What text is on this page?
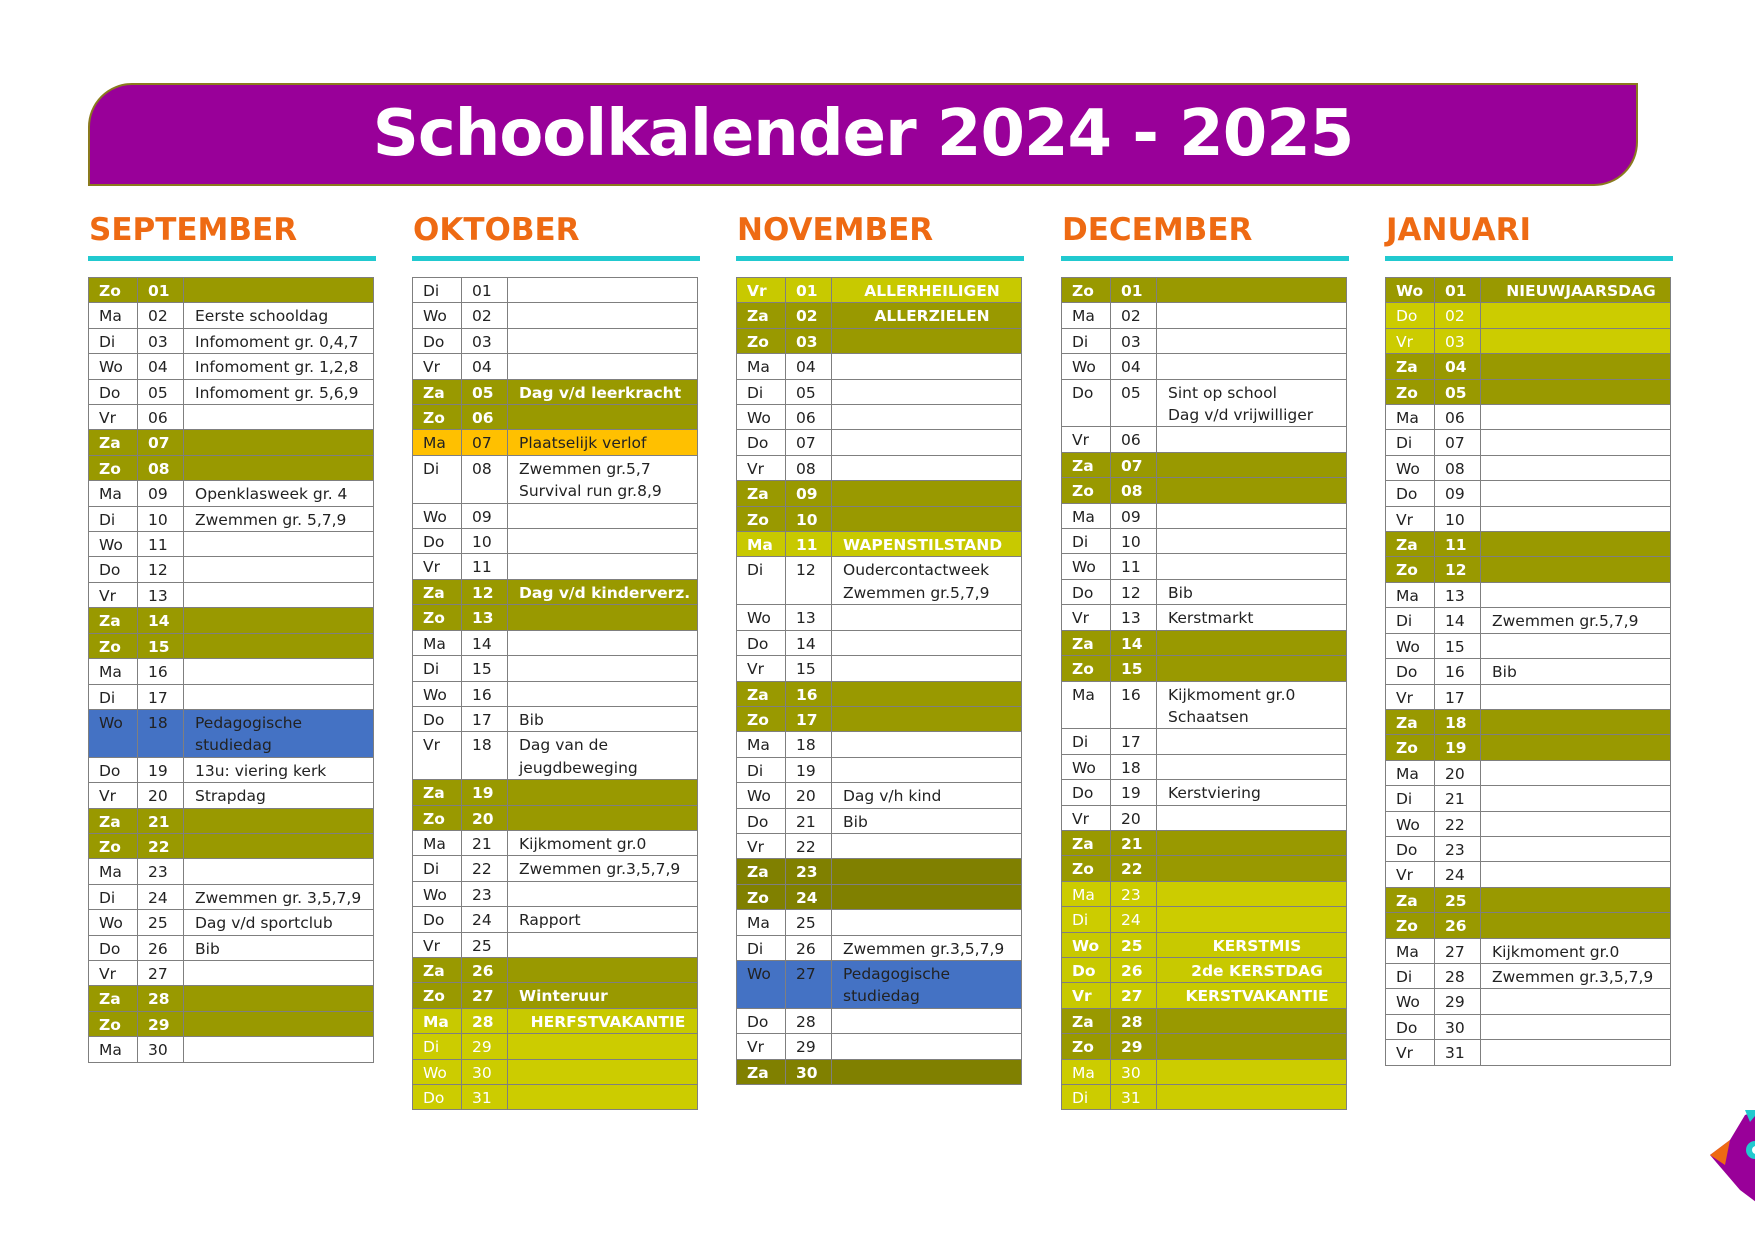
Schoolkalender 2024 - 2025
SEPTEMBER
Zo	01	
Ma	02	Eerste schooldag
Di	03	Infomoment gr. 0,4,7
Wo	04	Infomoment gr. 1,2,8
Do	05	Infomoment gr. 5,6,9
Vr	06	
Za	07	
Zo	08	
Ma	09	Openklasweek gr. 4
Di	10	Zwemmen gr. 5,7,9
Wo	11	
Do	12	
Vr	13	
Za	14	
Zo	15	
Ma	16	
Di	17	
Wo	18	Pedagogische studiedag
Do	19	13u: viering kerk
Vr	20	Strapdag
Za	21	
Zo	22	
Ma	23	
Di	24	Zwemmen gr. 3,5,7,9
Wo	25	Dag v/d sportclub
Do	26	Bib
Vr	27	
Za	28	
Zo	29	
Ma	30	
OKTOBER
Di	01	
Wo	02	
Do	03	
Vr	04	
Za	05	Dag v/d leerkracht
Zo	06	
Ma	07	Plaatselijk verlof
Di	08	Zwemmen gr.5,7
Survival run gr.8,9
Wo	09	
Do	10	
Vr	11	
Za	12	Dag v/d kinderverz.
Zo	13	
Ma	14	
Di	15	
Wo	16	
Do	17	Bib
Vr	18	Dag van de jeugdbeweging
Za	19	
Zo	20	
Ma	21	Kijkmoment gr.0
Di	22	Zwemmen gr.3,5,7,9
Wo	23	
Do	24	Rapport
Vr	25	
Za	26	
Zo	27	Winteruur
Ma	28	HERFSTVAKANTIE
Di	29	
Wo	30	
Do	31	
NOVEMBER
Vr	01	ALLERHEILIGEN
Za	02	ALLERZIELEN
Zo	03	
Ma	04	
Di	05	
Wo	06	
Do	07	
Vr	08	
Za	09	
Zo	10	
Ma	11	WAPENSTILSTAND
Di	12	Oudercontactweek
Zwemmen gr.5,7,9
Wo	13	
Do	14	
Vr	15	
Za	16	
Zo	17	
Ma	18	
Di	19	
Wo	20	Dag v/h kind
Do	21	Bib
Vr	22	
Za	23	
Zo	24	
Ma	25	
Di	26	Zwemmen gr.3,5,7,9
Wo	27	Pedagogische studiedag
Do	28	
Vr	29	
Za	30	
DECEMBER
Zo	01	
Ma	02	
Di	03	
Wo	04	
Do	05	Sint op school
Dag v/d vrijwilliger
Vr	06	
Za	07	
Zo	08	
Ma	09	
Di	10	
Wo	11	
Do	12	Bib
Vr	13	Kerstmarkt
Za	14	
Zo	15	
Ma	16	Kijkmoment gr.0
Schaatsen
Di	17	
Wo	18	
Do	19	Kerstviering
Vr	20	
Za	21	
Zo	22	
Ma	23	
Di	24	
Wo	25	KERSTMIS
Do	26	2de KERSTDAG
Vr	27	KERSTVAKANTIE
Za	28	
Zo	29	
Ma	30	
Di	31	
JANUARI
Wo	01	NIEUWJAARSDAG
Do	02	
Vr	03	
Za	04	
Zo	05	
Ma	06	
Di	07	
Wo	08	
Do	09	
Vr	10	
Za	11	
Zo	12	
Ma	13	
Di	14	Zwemmen gr.5,7,9
Wo	15	
Do	16	Bib
Vr	17	
Za	18	
Zo	19	
Ma	20	
Di	21	
Wo	22	
Do	23	
Vr	24	
Za	25	
Zo	26	
Ma	27	Kijkmoment gr.0
Di	28	Zwemmen gr.3,5,7,9
Wo	29	
Do	30	
Vr	31	
